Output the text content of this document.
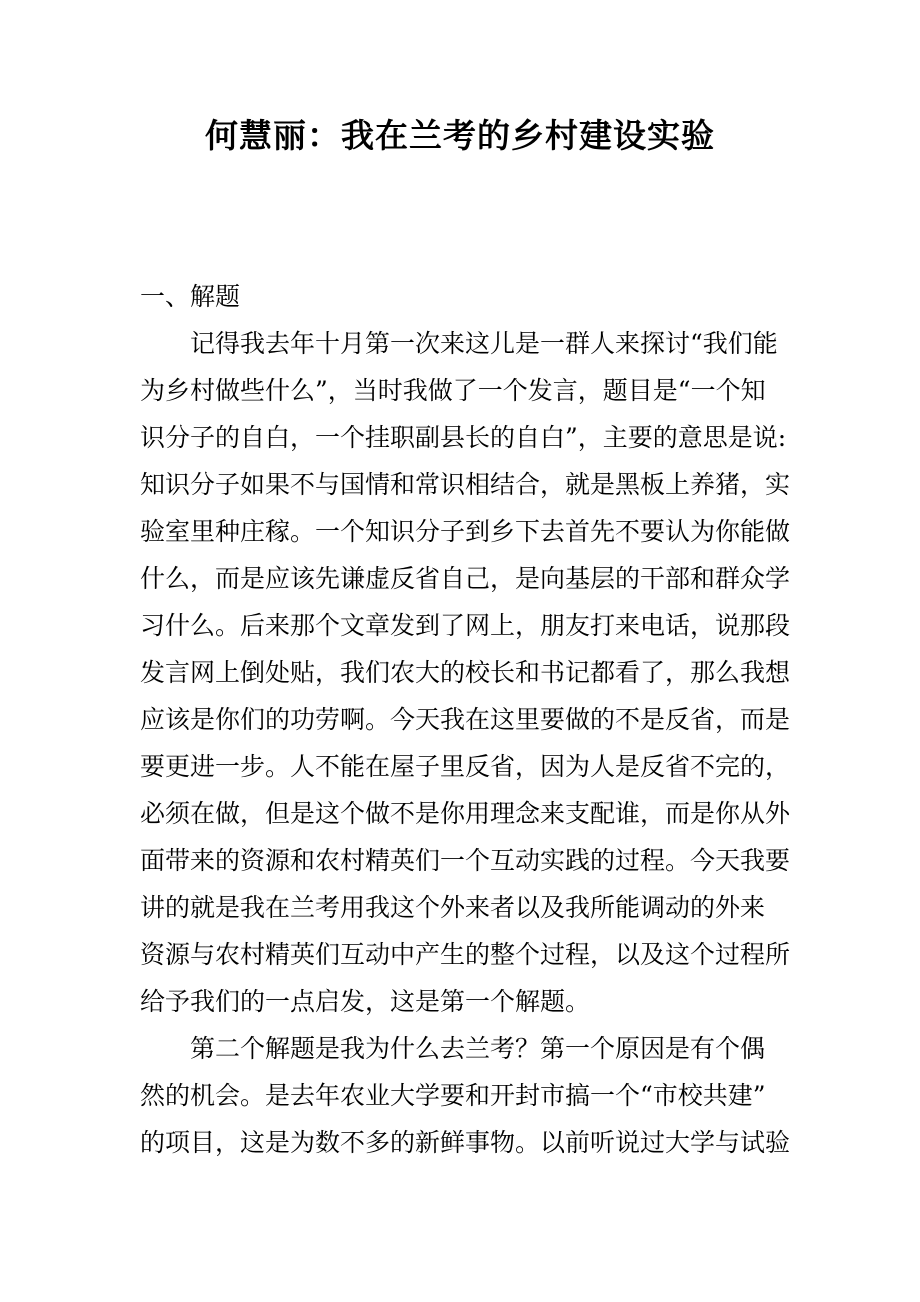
何慧丽：我在兰考的乡村建设实验
一、解题
记得我去年十月第一次来这儿是一群人来探讨“我们能
为乡村做些什么”，当时我做了一个发言，题目是“一个知
识分子的自白，一个挂职副县长的自白”，主要的意思是说:
知识分子如果不与国情和常识相结合，就是黑板上养猪，实
验室里种庄稼。一个知识分子到乡下去首先不要认为你能做
什么，而是应该先谦虚反省自己，是向基层的干部和群众学
习什么。后来那个文章发到了网上，朋友打来电话，说那段
发言网上倒处贴，我们农大的校长和书记都看了，那么我想
应该是你们的功劳啊。今天我在这里要做的不是反省，而是
要更进一步。人不能在屋子里反省，因为人是反省不完的，
必须在做，但是这个做不是你用理念来支配谁，而是你从外
面带来的资源和农村精英们一个互动实践的过程。今天我要
讲的就是我在兰考用我这个外来者以及我所能调动的外来
资源与农村精英们互动中产生的整个过程，以及这个过程所
给予我们的一点启发，这是第一个解题。
第二个解题是我为什么去兰考？第一个原因是有个偶
然的机会。是去年农业大学要和开封市搞一个“市校共建”
的项目，这是为数不多的新鲜事物。以前听说过大学与试验
